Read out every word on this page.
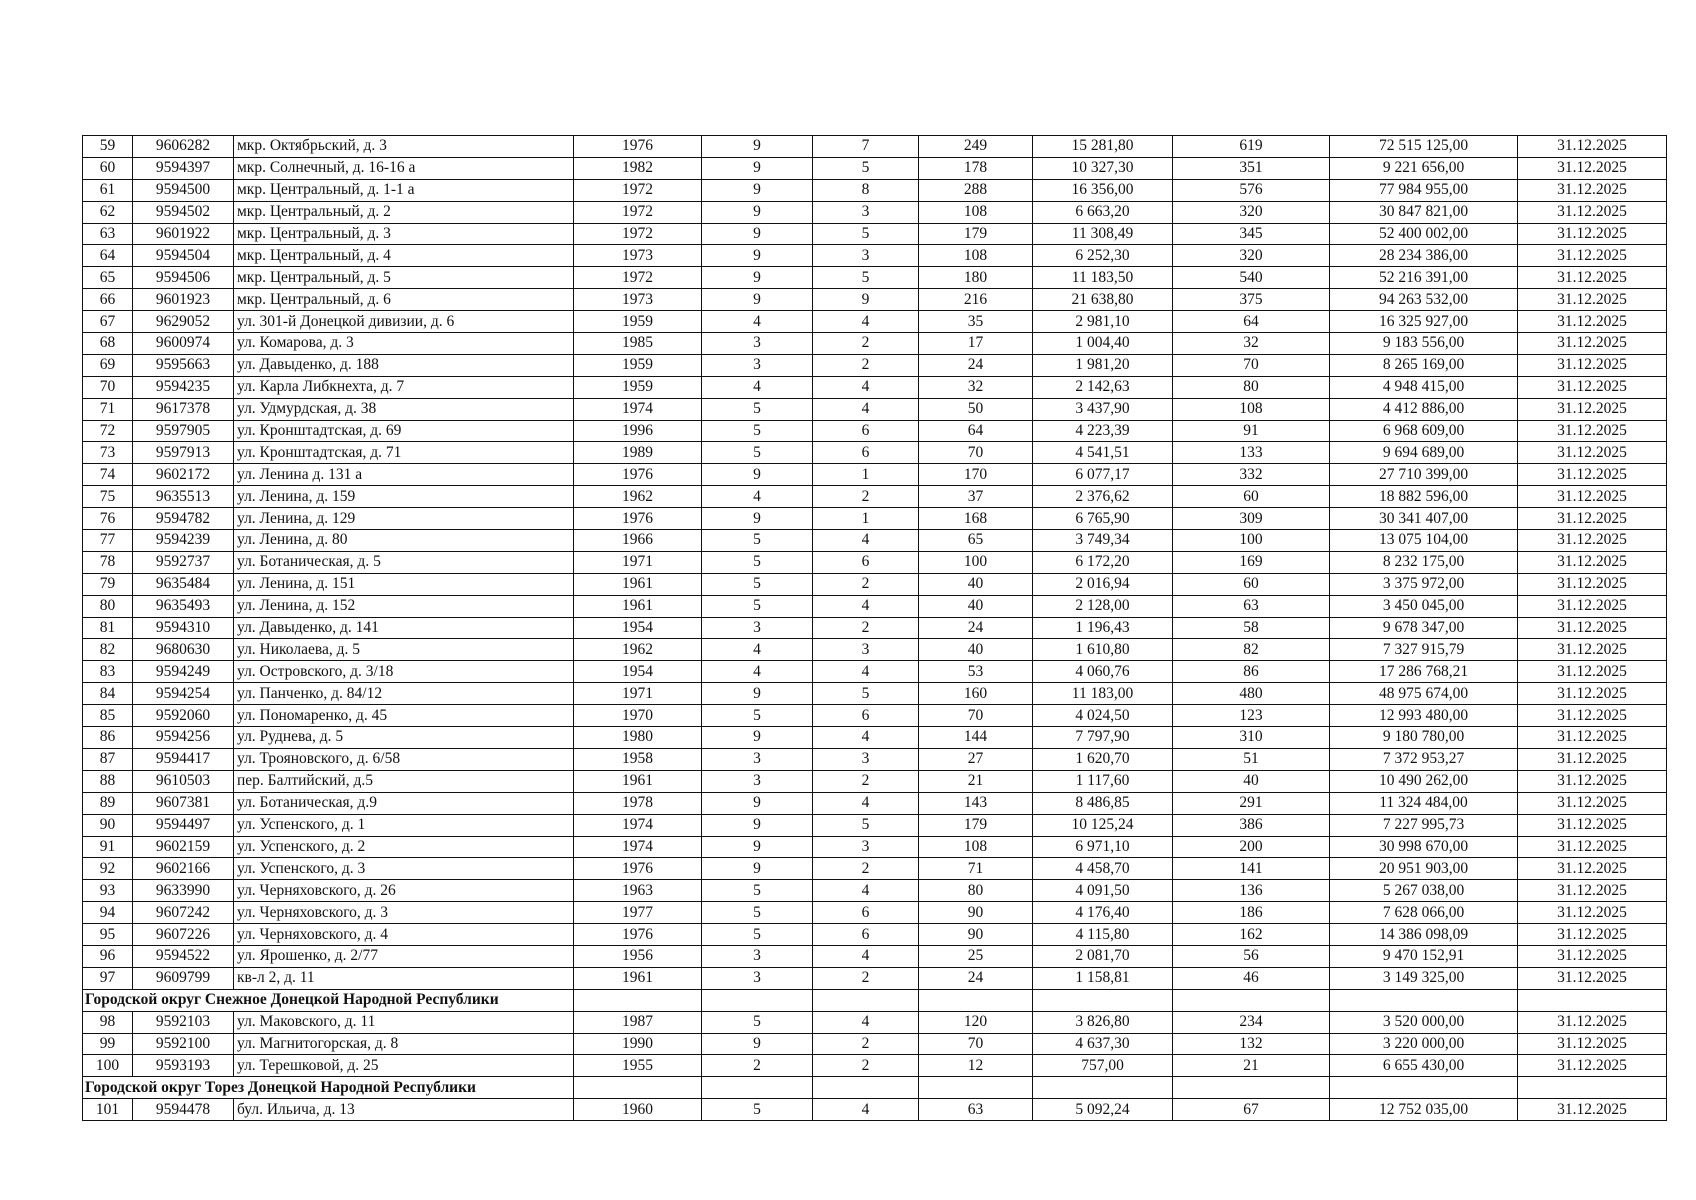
59	9606282	мкр. Октябрьский, д. 3	1976	9	7	249	15 281,80	619	72 515 125,00	31.12.2025
60	9594397	мкр. Солнечный, д. 16-16 а	1982	9	5	178	10 327,30	351	9 221 656,00	31.12.2025
61	9594500	мкр. Центральный, д. 1-1 а	1972	9	8	288	16 356,00	576	77 984 955,00	31.12.2025
62	9594502	мкр. Центральный, д. 2	1972	9	3	108	6 663,20	320	30 847 821,00	31.12.2025
63	9601922	мкр. Центральный, д. 3	1972	9	5	179	11 308,49	345	52 400 002,00	31.12.2025
64	9594504	мкр. Центральный, д. 4	1973	9	3	108	6 252,30	320	28 234 386,00	31.12.2025
65	9594506	мкр. Центральный, д. 5	1972	9	5	180	11 183,50	540	52 216 391,00	31.12.2025
66	9601923	мкр. Центральный, д. 6	1973	9	9	216	21 638,80	375	94 263 532,00	31.12.2025
67	9629052	ул. 301-й Донецкой дивизии, д. 6	1959	4	4	35	2 981,10	64	16 325 927,00	31.12.2025
68	9600974	ул. Комарова, д. 3	1985	3	2	17	1 004,40	32	9 183 556,00	31.12.2025
69	9595663	ул. Давыденко, д. 188	1959	3	2	24	1 981,20	70	8 265 169,00	31.12.2025
70	9594235	ул. Карла Либкнехта, д. 7	1959	4	4	32	2 142,63	80	4 948 415,00	31.12.2025
71	9617378	ул. Удмурдская, д. 38	1974	5	4	50	3 437,90	108	4 412 886,00	31.12.2025
72	9597905	ул. Кронштадтская, д. 69	1996	5	6	64	4 223,39	91	6 968 609,00	31.12.2025
73	9597913	ул. Кронштадтская, д. 71	1989	5	6	70	4 541,51	133	9 694 689,00	31.12.2025
74	9602172	ул. Ленина д. 131 а	1976	9	1	170	6 077,17	332	27 710 399,00	31.12.2025
75	9635513	ул. Ленина, д. 159	1962	4	2	37	2 376,62	60	18 882 596,00	31.12.2025
76	9594782	ул. Ленина, д. 129	1976	9	1	168	6 765,90	309	30 341 407,00	31.12.2025
77	9594239	ул. Ленина, д. 80	1966	5	4	65	3 749,34	100	13 075 104,00	31.12.2025
78	9592737	ул. Ботаническая, д. 5	1971	5	6	100	6 172,20	169	8 232 175,00	31.12.2025
79	9635484	ул. Ленина, д. 151	1961	5	2	40	2 016,94	60	3 375 972,00	31.12.2025
80	9635493	ул. Ленина, д. 152	1961	5	4	40	2 128,00	63	3 450 045,00	31.12.2025
81	9594310	ул. Давыденко, д. 141	1954	3	2	24	1 196,43	58	9 678 347,00	31.12.2025
82	9680630	ул. Николаева, д. 5	1962	4	3	40	1 610,80	82	7 327 915,79	31.12.2025
83	9594249	ул. Островского, д. 3/18	1954	4	4	53	4 060,76	86	17 286 768,21	31.12.2025
84	9594254	ул. Панченко, д. 84/12	1971	9	5	160	11 183,00	480	48 975 674,00	31.12.2025
85	9592060	ул. Пономаренко, д. 45	1970	5	6	70	4 024,50	123	12 993 480,00	31.12.2025
86	9594256	ул. Руднева, д. 5	1980	9	4	144	7 797,90	310	9 180 780,00	31.12.2025
87	9594417	ул. Трояновского, д. 6/58	1958	3	3	27	1 620,70	51	7 372 953,27	31.12.2025
88	9610503	пер. Балтийский, д.5	1961	3	2	21	1 117,60	40	10 490 262,00	31.12.2025
89	9607381	ул. Ботаническая, д.9	1978	9	4	143	8 486,85	291	11 324 484,00	31.12.2025
90	9594497	ул. Успенского, д. 1	1974	9	5	179	10 125,24	386	7 227 995,73	31.12.2025
91	9602159	ул. Успенского, д. 2	1974	9	3	108	6 971,10	200	30 998 670,00	31.12.2025
92	9602166	ул. Успенского, д. 3	1976	9	2	71	4 458,70	141	20 951 903,00	31.12.2025
93	9633990	ул. Черняховского, д. 26	1963	5	4	80	4 091,50	136	5 267 038,00	31.12.2025
94	9607242	ул. Черняховского, д. 3	1977	5	6	90	4 176,40	186	7 628 066,00	31.12.2025
95	9607226	ул. Черняховского, д. 4	1976	5	6	90	4 115,80	162	14 386 098,09	31.12.2025
96	9594522	ул. Ярошенко, д. 2/77	1956	3	4	25	2 081,70	56	9 470 152,91	31.12.2025
97	9609799	кв-л 2, д. 11	1961	3	2	24	1 158,81	46	3 149 325,00	31.12.2025
Городской округ Снежное Донецкой Народной Республики										
98	9592103	ул. Маковского, д. 11	1987	5	4	120	3 826,80	234	3 520 000,00	31.12.2025
99	9592100	ул. Магнитогорская, д. 8	1990	9	2	70	4 637,30	132	3 220 000,00	31.12.2025
100	9593193	ул. Терешковой, д. 25	1955	2	2	12	757,00	21	6 655 430,00	31.12.2025
Городской округ Торез Донецкой Народной Республики										
101	9594478	бул. Ильича, д. 13	1960	5	4	63	5 092,24	67	12 752 035,00	31.12.2025
